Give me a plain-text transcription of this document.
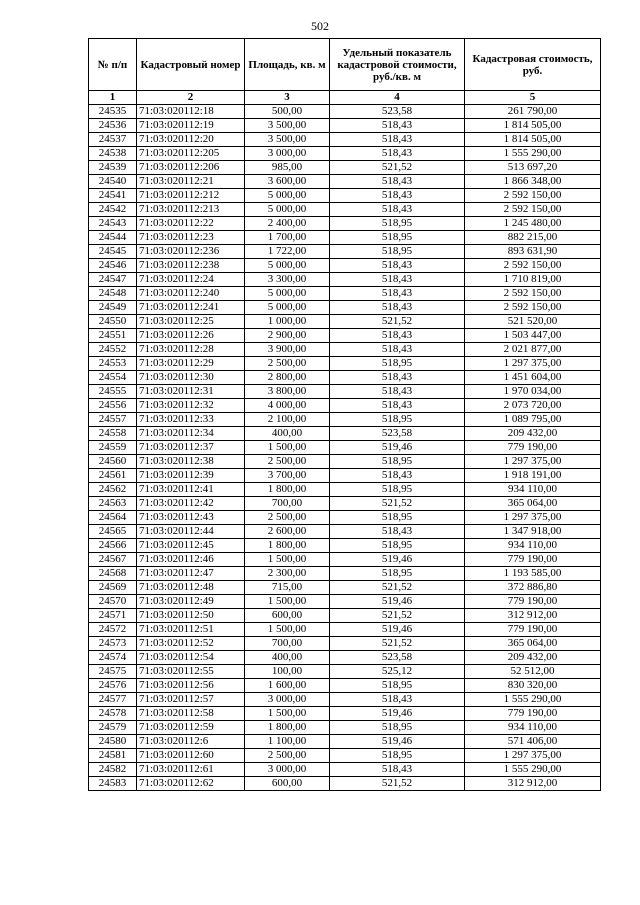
502
№ п/п	Кадастровый номер	Площадь, кв. м	Удельный показатель кадастровой стоимости, руб./кв. м	Кадастровая стоимость, руб.
1	2	3	4	5
24535	71:03:020112:18	500,00	523,58	261 790,00
24536	71:03:020112:19	3 500,00	518,43	1 814 505,00
24537	71:03:020112:20	3 500,00	518,43	1 814 505,00
24538	71:03:020112:205	3 000,00	518,43	1 555 290,00
24539	71:03:020112:206	985,00	521,52	513 697,20
24540	71:03:020112:21	3 600,00	518,43	1 866 348,00
24541	71:03:020112:212	5 000,00	518,43	2 592 150,00
24542	71:03:020112:213	5 000,00	518,43	2 592 150,00
24543	71:03:020112:22	2 400,00	518,95	1 245 480,00
24544	71:03:020112:23	1 700,00	518,95	882 215,00
24545	71:03:020112:236	1 722,00	518,95	893 631,90
24546	71:03:020112:238	5 000,00	518,43	2 592 150,00
24547	71:03:020112:24	3 300,00	518,43	1 710 819,00
24548	71:03:020112:240	5 000,00	518,43	2 592 150,00
24549	71:03:020112:241	5 000,00	518,43	2 592 150,00
24550	71:03:020112:25	1 000,00	521,52	521 520,00
24551	71:03:020112:26	2 900,00	518,43	1 503 447,00
24552	71:03:020112:28	3 900,00	518,43	2 021 877,00
24553	71:03:020112:29	2 500,00	518,95	1 297 375,00
24554	71:03:020112:30	2 800,00	518,43	1 451 604,00
24555	71:03:020112:31	3 800,00	518,43	1 970 034,00
24556	71:03:020112:32	4 000,00	518,43	2 073 720,00
24557	71:03:020112:33	2 100,00	518,95	1 089 795,00
24558	71:03:020112:34	400,00	523,58	209 432,00
24559	71:03:020112:37	1 500,00	519,46	779 190,00
24560	71:03:020112:38	2 500,00	518,95	1 297 375,00
24561	71:03:020112:39	3 700,00	518,43	1 918 191,00
24562	71:03:020112:41	1 800,00	518,95	934 110,00
24563	71:03:020112:42	700,00	521,52	365 064,00
24564	71:03:020112:43	2 500,00	518,95	1 297 375,00
24565	71:03:020112:44	2 600,00	518,43	1 347 918,00
24566	71:03:020112:45	1 800,00	518,95	934 110,00
24567	71:03:020112:46	1 500,00	519,46	779 190,00
24568	71:03:020112:47	2 300,00	518,95	1 193 585,00
24569	71:03:020112:48	715,00	521,52	372 886,80
24570	71:03:020112:49	1 500,00	519,46	779 190,00
24571	71:03:020112:50	600,00	521,52	312 912,00
24572	71:03:020112:51	1 500,00	519,46	779 190,00
24573	71:03:020112:52	700,00	521,52	365 064,00
24574	71:03:020112:54	400,00	523,58	209 432,00
24575	71:03:020112:55	100,00	525,12	52 512,00
24576	71:03:020112:56	1 600,00	518,95	830 320,00
24577	71:03:020112:57	3 000,00	518,43	1 555 290,00
24578	71:03:020112:58	1 500,00	519,46	779 190,00
24579	71:03:020112:59	1 800,00	518,95	934 110,00
24580	71:03:020112:6	1 100,00	519,46	571 406,00
24581	71:03:020112:60	2 500,00	518,95	1 297 375,00
24582	71:03:020112:61	3 000,00	518,43	1 555 290,00
24583	71:03:020112:62	600,00	521,52	312 912,00
